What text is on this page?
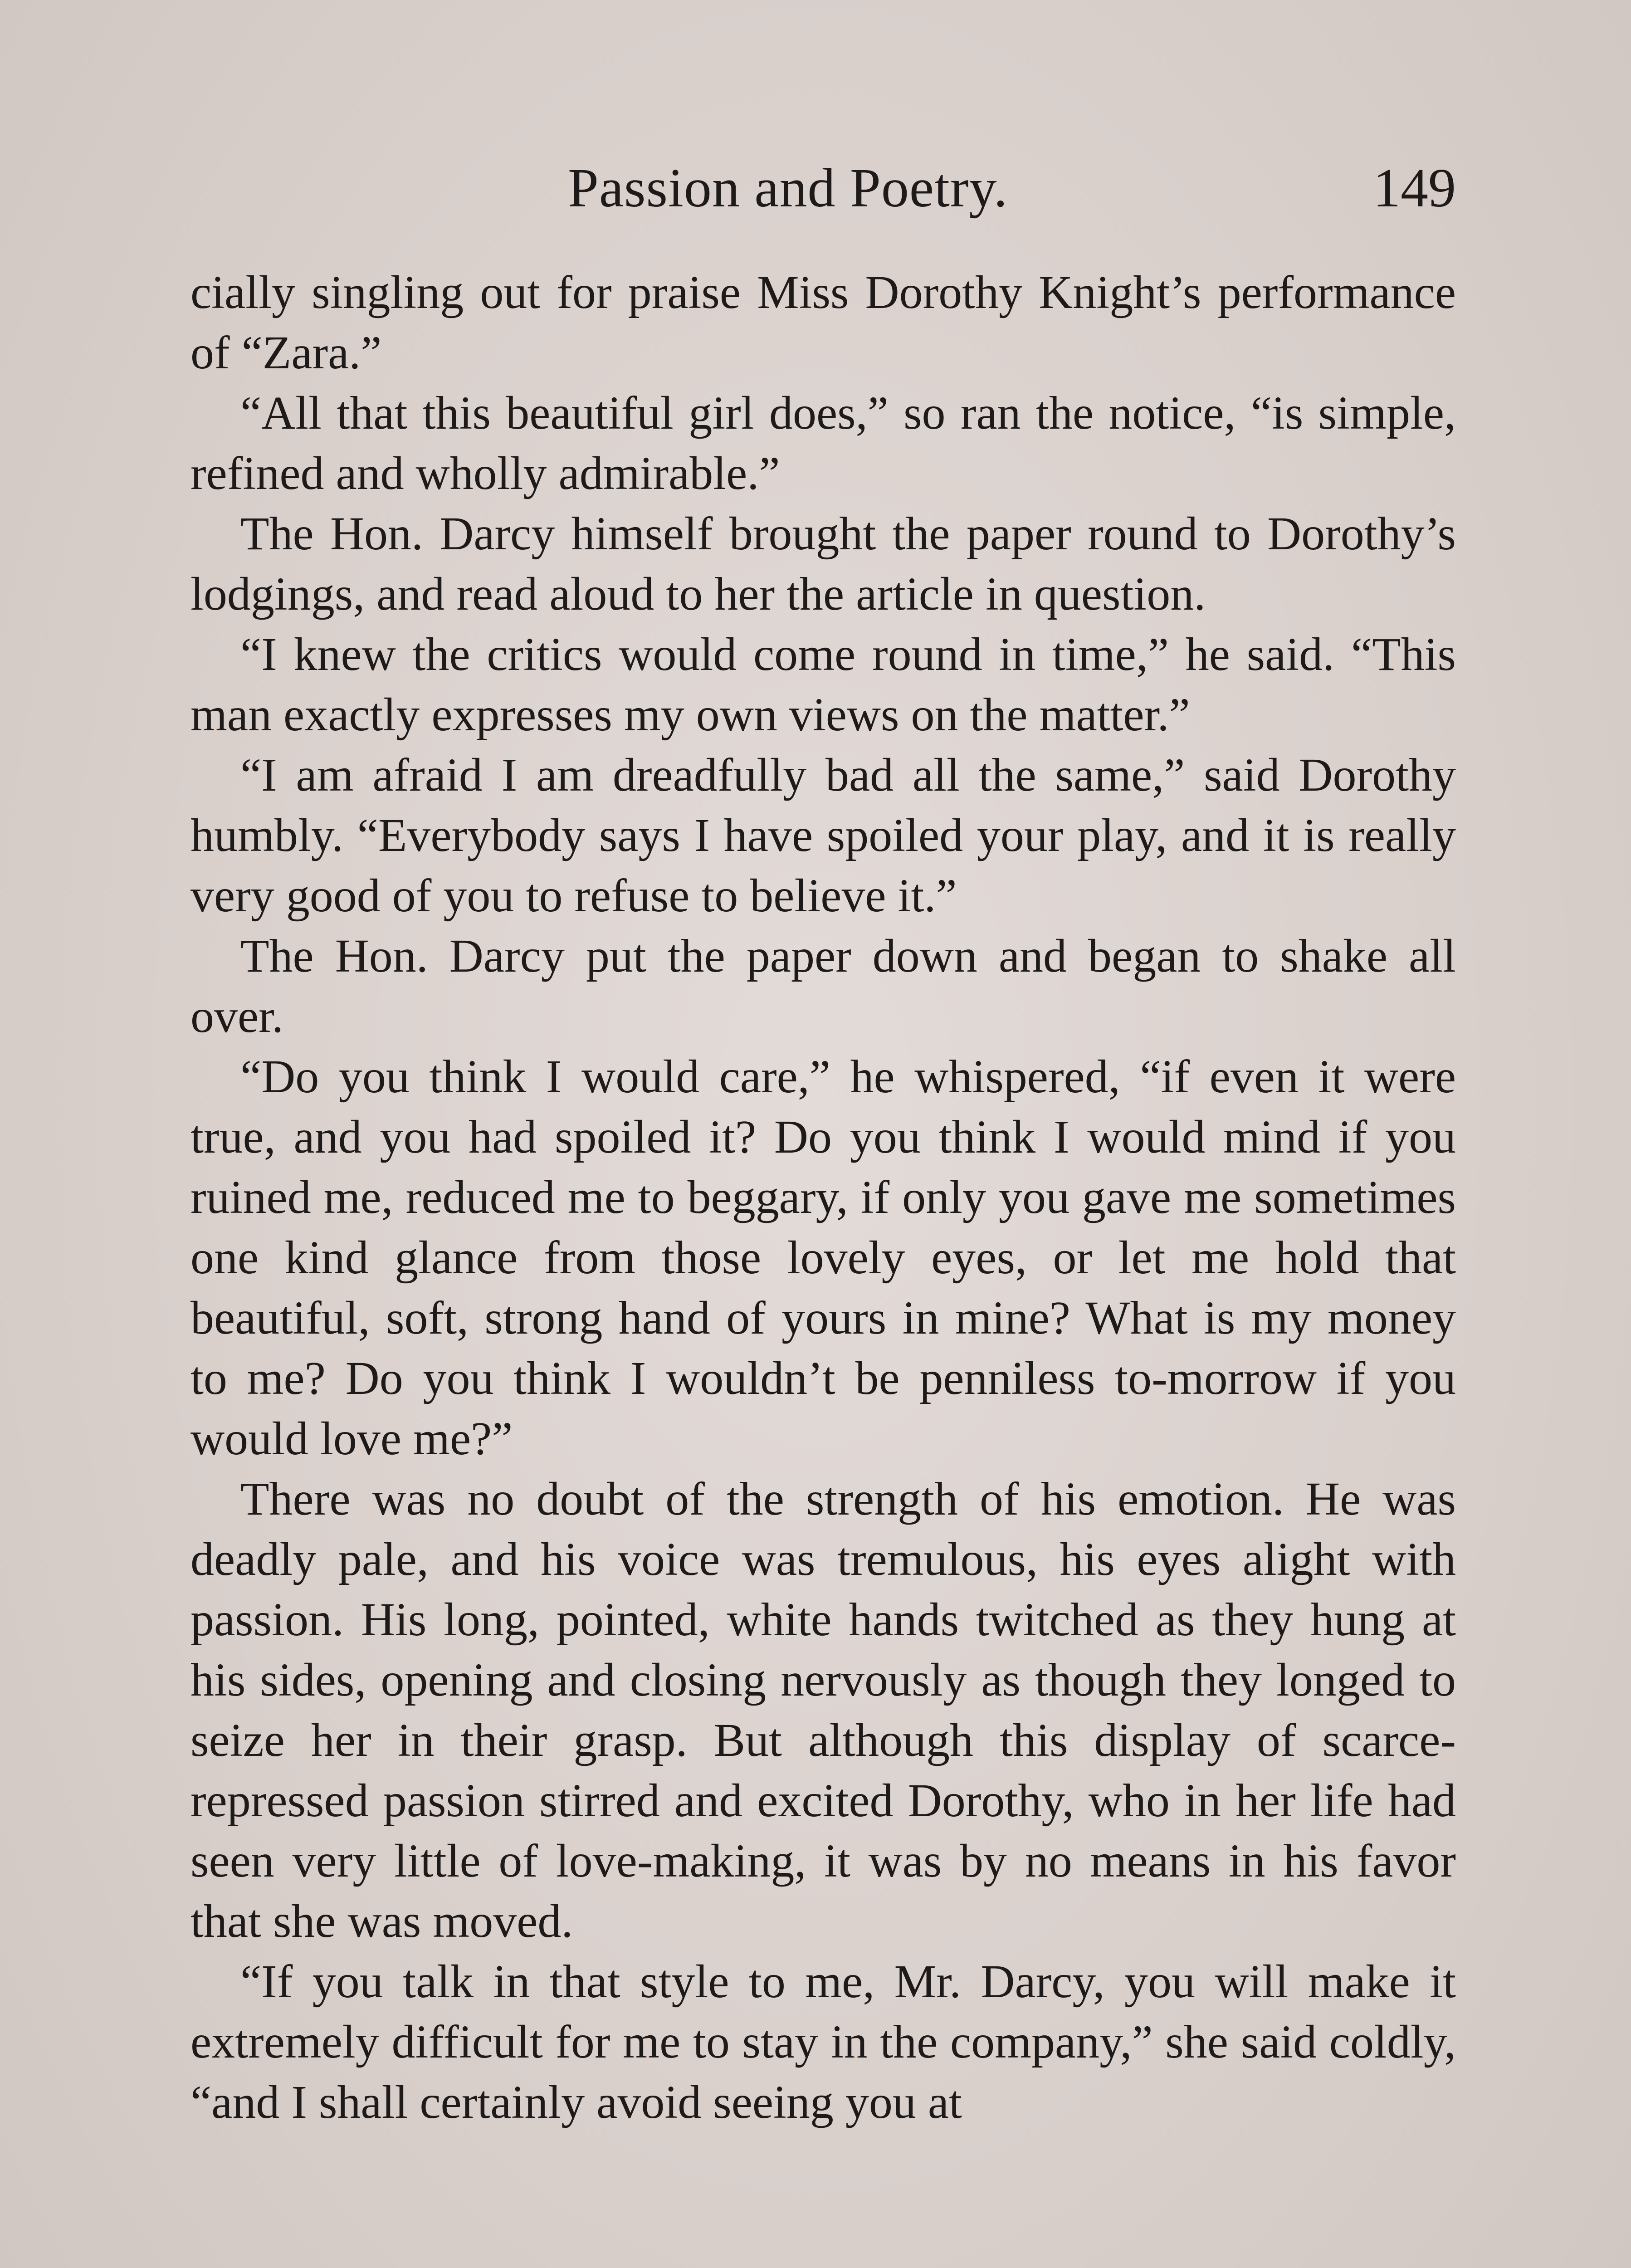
Passion and Poetry.	149

cially singling out for praise Miss Dorothy Knight’s performance of “Zara.”

“All that this beautiful girl does,” so ran the notice, “is simple, refined and wholly admirable.”

The Hon. Darcy himself brought the paper round to Dorothy’s lodgings, and read aloud to her the article in question.

“I knew the critics would come round in time,” he said. “This man exactly expresses my own views on the matter.”

“I am afraid I am dreadfully bad all the same,” said Dorothy humbly. “Everybody says I have spoiled your play, and it is really very good of you to refuse to believe it.”

The Hon. Darcy put the paper down and began to shake all over.

“Do you think I would care,” he whispered, “if even it were true, and you had spoiled it? Do you think I would mind if you ruined me, reduced me to beggary, if only you gave me sometimes one kind glance from those lovely eyes, or let me hold that beautiful, soft, strong hand of yours in mine? What is my money to me? Do you think I wouldn’t be penniless to-morrow if you would love me?”

There was no doubt of the strength of his emotion. He was deadly pale, and his voice was tremulous, his eyes alight with passion. His long, pointed, white hands twitched as they hung at his sides, opening and closing nervously as though they longed to seize her in their grasp. But although this display of scarce-repressed passion stirred and excited Dorothy, who in her life had seen very little of love-making, it was by no means in his favor that she was moved.

“If you talk in that style to me, Mr. Darcy, you will make it extremely difficult for me to stay in the company,” she said coldly, “and I shall certainly avoid seeing you at
